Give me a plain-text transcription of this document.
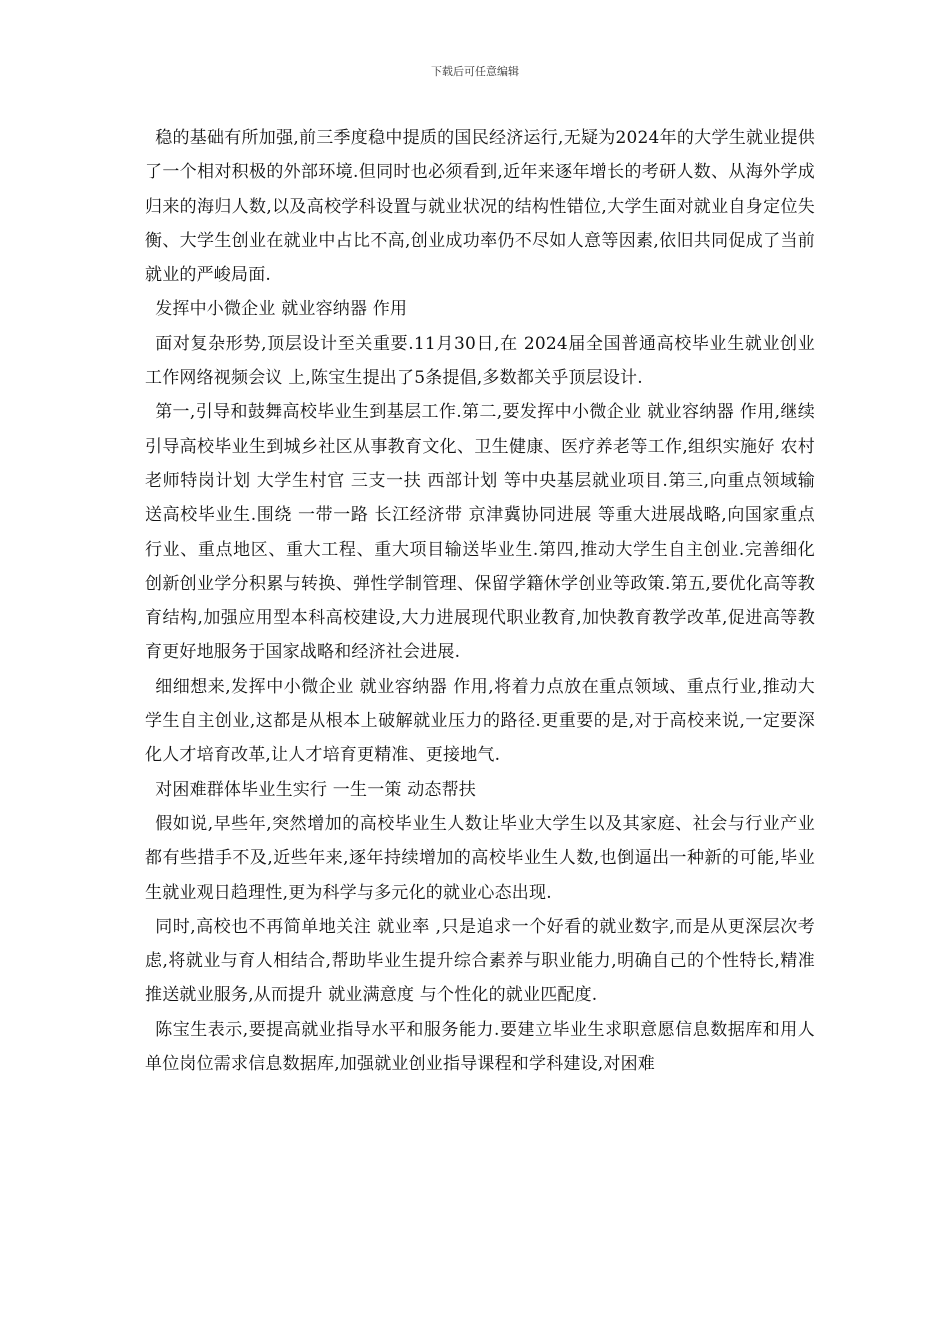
下载后可任意编辑

稳的基础有所加强,前三季度稳中提质的国民经济运行,无疑为2024年的大学生就业提供了一个相对积极的外部环境.但同时也必须看到,近年来逐年增长的考研人数、从海外学成归来的海归人数,以及高校学科设置与就业状况的结构性错位,大学生面对就业自身定位失衡、大学生创业在就业中占比不高,创业成功率仍不尽如人意等因素,依旧共同促成了当前就业的严峻局面.

发挥中小微企业 就业容纳器 作用

面对复杂形势,顶层设计至关重要.11月30日,在 2024届全国普通高校毕业生就业创业工作网络视频会议 上,陈宝生提出了5条提倡,多数都关乎顶层设计.

第一,引导和鼓舞高校毕业生到基层工作.第二,要发挥中小微企业 就业容纳器 作用,继续引导高校毕业生到城乡社区从事教育文化、卫生健康、医疗养老等工作,组织实施好 农村老师特岗计划 大学生村官 三支一扶 西部计划 等中央基层就业项目.第三,向重点领域输送高校毕业生.围绕 一带一路 长江经济带 京津冀协同进展 等重大进展战略,向国家重点行业、重点地区、重大工程、重大项目输送毕业生.第四,推动大学生自主创业.完善细化创新创业学分积累与转换、弹性学制管理、保留学籍休学创业等政策.第五,要优化高等教育结构,加强应用型本科高校建设,大力进展现代职业教育,加快教育教学改革,促进高等教育更好地服务于国家战略和经济社会进展.

细细想来,发挥中小微企业 就业容纳器 作用,将着力点放在重点领域、重点行业,推动大学生自主创业,这都是从根本上破解就业压力的路径.更重要的是,对于高校来说,一定要深化人才培育改革,让人才培育更精准、更接地气.

对困难群体毕业生实行 一生一策 动态帮扶

假如说,早些年,突然增加的高校毕业生人数让毕业大学生以及其家庭、社会与行业产业都有些措手不及,近些年来,逐年持续增加的高校毕业生人数,也倒逼出一种新的可能,毕业生就业观日趋理性,更为科学与多元化的就业心态出现.

同时,高校也不再简单地关注 就业率 ,只是追求一个好看的就业数字,而是从更深层次考虑,将就业与育人相结合,帮助毕业生提升综合素养与职业能力,明确自己的个性特长,精准推送就业服务,从而提升 就业满意度 与个性化的就业匹配度.

陈宝生表示,要提高就业指导水平和服务能力.要建立毕业生求职意愿信息数据库和用人单位岗位需求信息数据库,加强就业创业指导课程和学科建设,对困难
